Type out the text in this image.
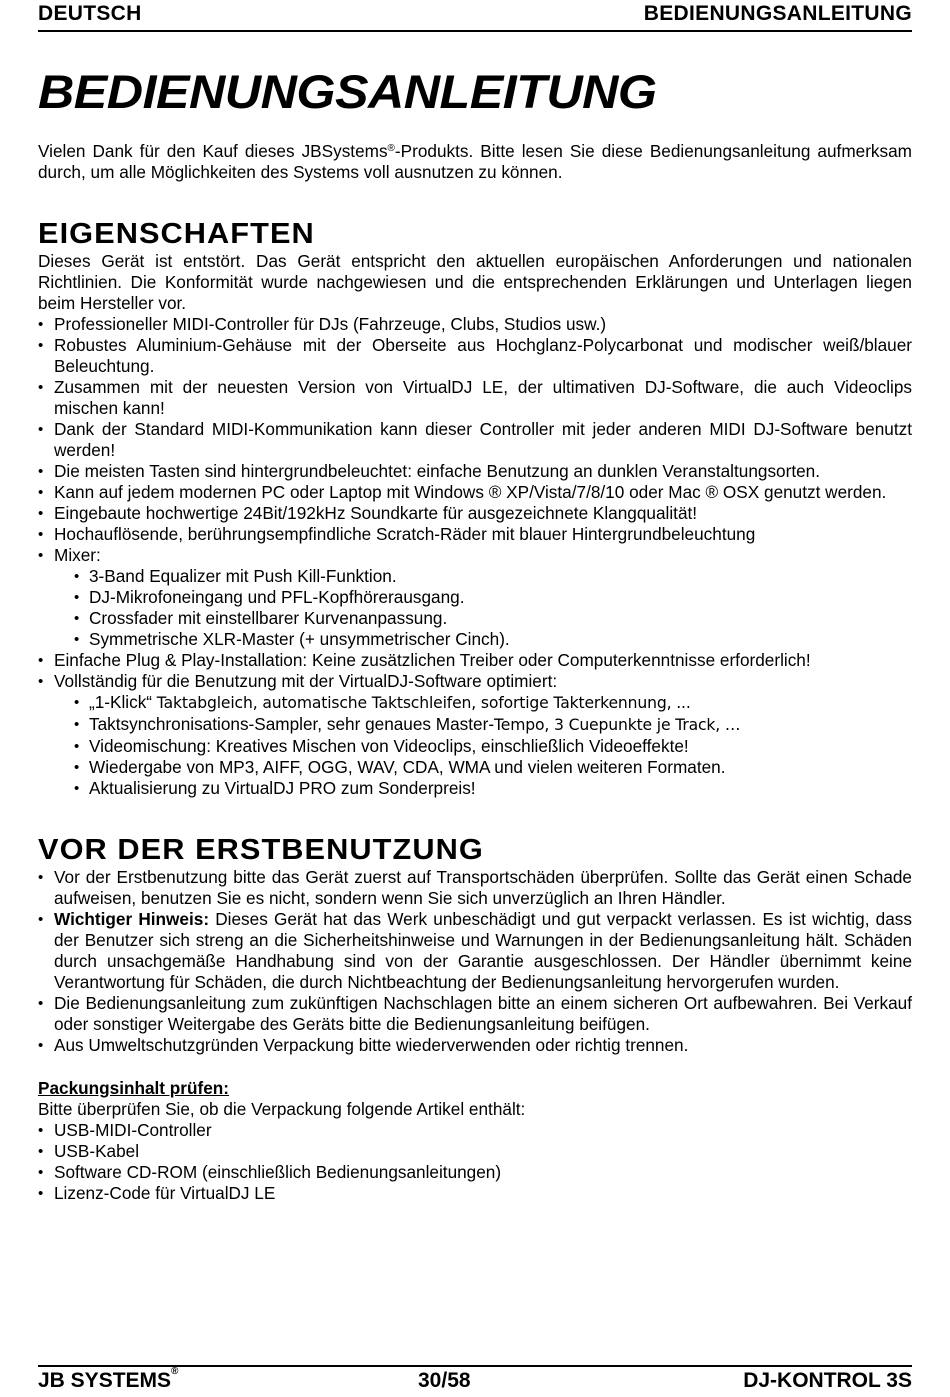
DEUTSCH	BEDIENUNGSANLEITUNG
BEDIENUNGSANLEITUNG

Vielen Dank für den Kauf dieses JBSystems®-Produkts. Bitte lesen Sie diese Bedienungsanleitung aufmerksam durch, um alle Möglichkeiten des Systems voll ausnutzen zu können.

EIGENSCHAFTEN

Dieses Gerät ist entstört. Das Gerät entspricht den aktuellen europäischen Anforderungen und nationalen Richtlinien. Die Konformität wurde nachgewiesen und die entsprechenden Erklärungen und Unterlagen liegen beim Hersteller vor.

• Professioneller MIDI-Controller für DJs (Fahrzeuge, Clubs, Studios usw.)
• Robustes Aluminium-Gehäuse mit der Oberseite aus Hochglanz-Polycarbonat und modischer weiß/blauer Beleuchtung.
• Zusammen mit der neuesten Version von VirtualDJ LE, der ultimativen DJ-Software, die auch Videoclips mischen kann!
• Dank der Standard MIDI-Kommunikation kann dieser Controller mit jeder anderen MIDI DJ-Software benutzt werden!
• Die meisten Tasten sind hintergrundbeleuchtet: einfache Benutzung an dunklen Veranstaltungsorten.
• Kann auf jedem modernen PC oder Laptop mit Windows ® XP/Vista/7/8/10 oder Mac ® OSX genutzt werden.
• Eingebaute hochwertige 24Bit/192kHz Soundkarte für ausgezeichnete Klangqualität!
• Hochauflösende, berührungsempfindliche Scratch-Räder mit blauer Hintergrundbeleuchtung
• Mixer:
• 3-Band Equalizer mit Push Kill-Funktion.
• DJ-Mikrofoneingang und PFL-Kopfhörerausgang.
• Crossfader mit einstellbarer Kurvenanpassung.
• Symmetrische XLR-Master (+ unsymmetrischer Cinch).
• Einfache Plug & Play-Installation: Keine zusätzlichen Treiber oder Computerkenntnisse erforderlich!
• Vollständig für die Benutzung mit der VirtualDJ-Software optimiert:
• „1-Klick“ Taktabgleich, automatische Taktschleifen, sofortige Takterkennung, ...
• Taktsynchronisations-Sampler, sehr genaues Master-Tempo, 3 Cuepunkte je Track, …
• Videomischung: Kreatives Mischen von Videoclips, einschließlich Videoeffekte!
• Wiedergabe von MP3, AIFF, OGG, WAV, CDA, WMA und vielen weiteren Formaten.
• Aktualisierung zu VirtualDJ PRO zum Sonderpreis!
VOR DER ERSTBENUTZUNG
• Vor der Erstbenutzung bitte das Gerät zuerst auf Transportschäden überprüfen. Sollte das Gerät einen Schade aufweisen, benutzen Sie es nicht, sondern wenn Sie sich unverzüglich an Ihren Händler.
• Wichtiger Hinweis: Dieses Gerät hat das Werk unbeschädigt und gut verpackt verlassen. Es ist wichtig, dass der Benutzer sich streng an die Sicherheitshinweise und Warnungen in der Bedienungsanleitung hält. Schäden durch unsachgemäße Handhabung sind von der Garantie ausgeschlossen. Der Händler übernimmt keine Verantwortung für Schäden, die durch Nichtbeachtung der Bedienungsanleitung hervorgerufen wurden.
• Die Bedienungsanleitung zum zukünftigen Nachschlagen bitte an einem sicheren Ort aufbewahren. Bei Verkauf oder sonstiger Weitergabe des Geräts bitte die Bedienungsanleitung beifügen.
• Aus Umweltschutzgründen Verpackung bitte wiederverwenden oder richtig trennen.
Packungsinhalt prüfen:

Bitte überprüfen Sie, ob die Verpackung folgende Artikel enthält:

• USB-MIDI-Controller
• USB-Kabel
• Software CD-ROM (einschließlich Bedienungsanleitungen)
• Lizenz-Code für VirtualDJ LE
JB SYSTEMS®	30/58	DJ-KONTROL 3S
